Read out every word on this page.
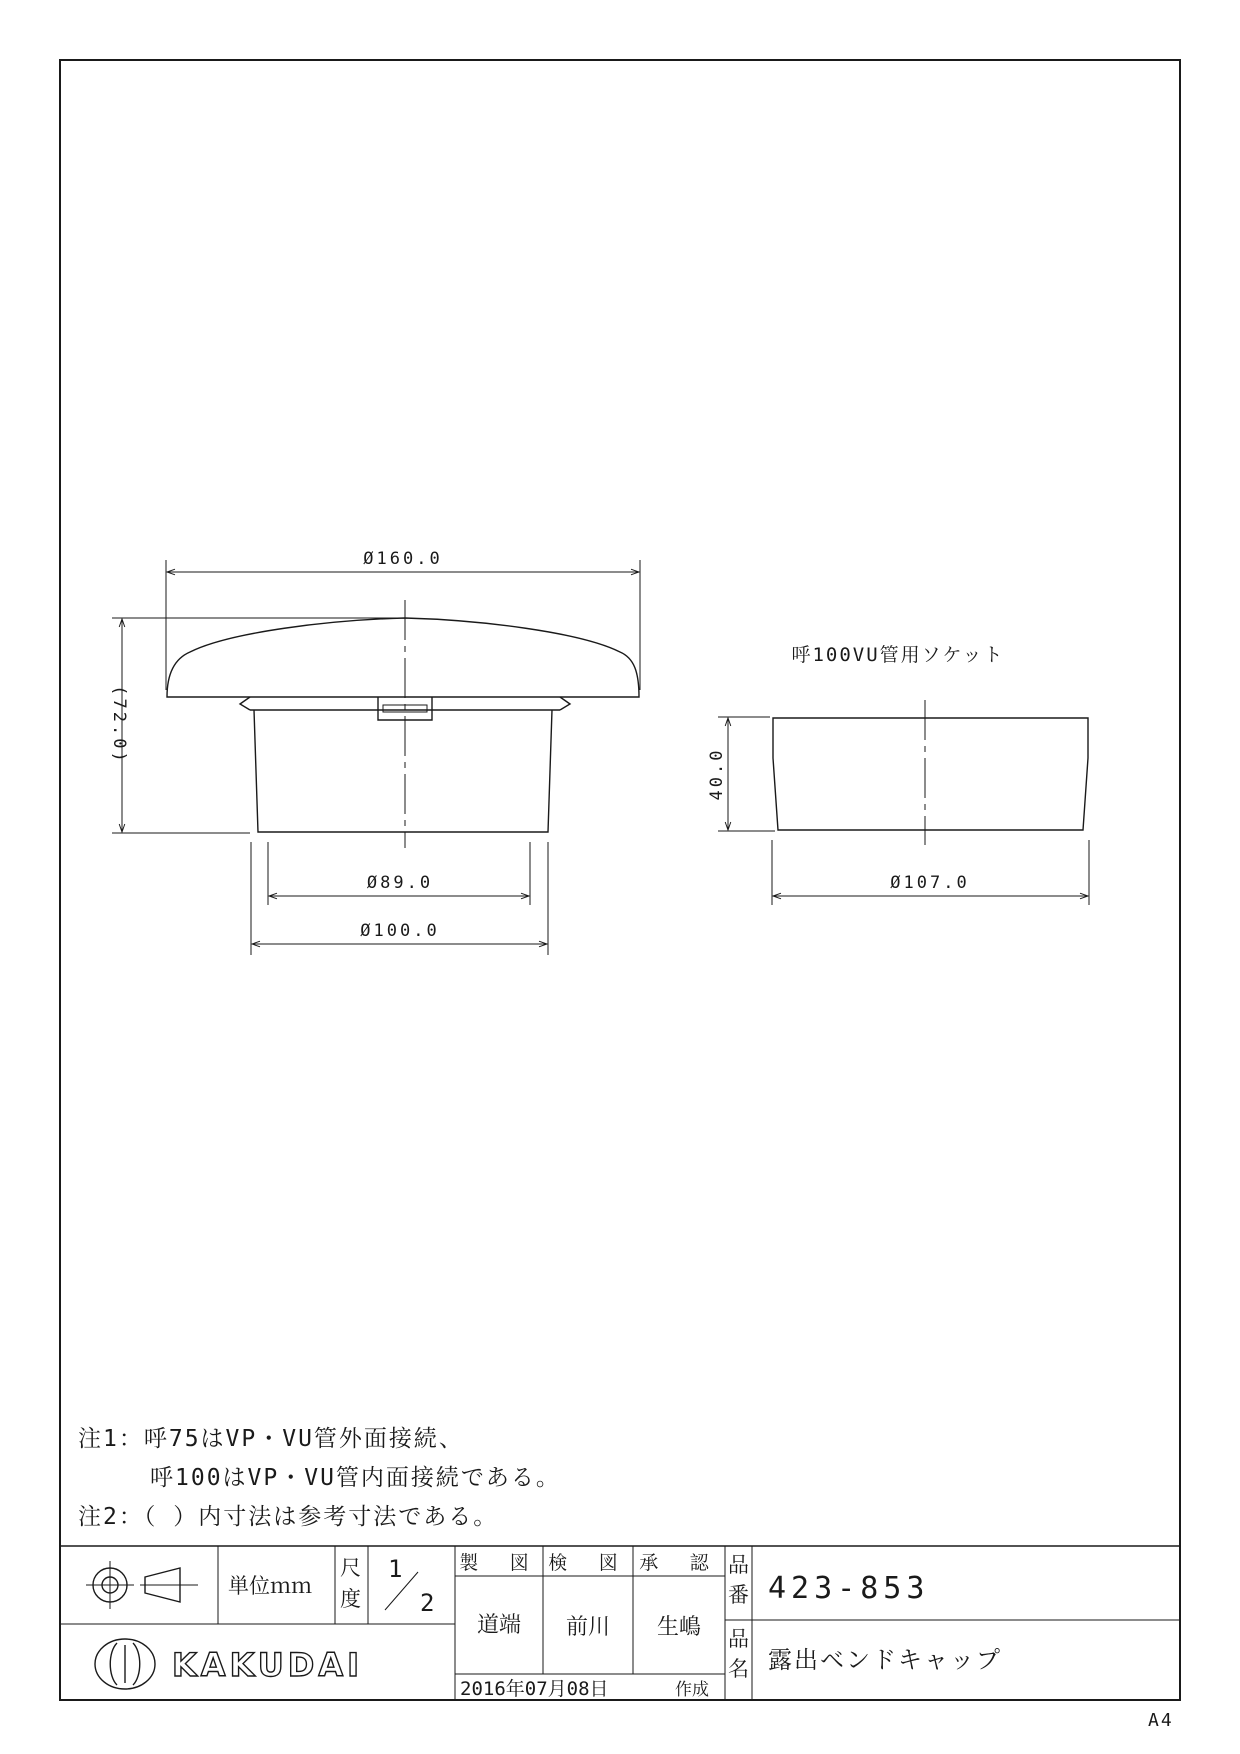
Ø160.0
(72.0)
Ø89.0
Ø100.0
呼100VU管用ソケット
40.0
Ø107.0
注1：呼75はVP・VU管外面接続、
呼100はVP・VU管内面接続である。
注2：（ ）内寸法は参考寸法である。
単位ｍｍ
尺
度
1
2
製 図 検 図 承 認
道端 前川 生嶋
2016年07月08日	作成
品
番 423-853
品
名 露出ベンドキャップ
KAKUDAI
A4
